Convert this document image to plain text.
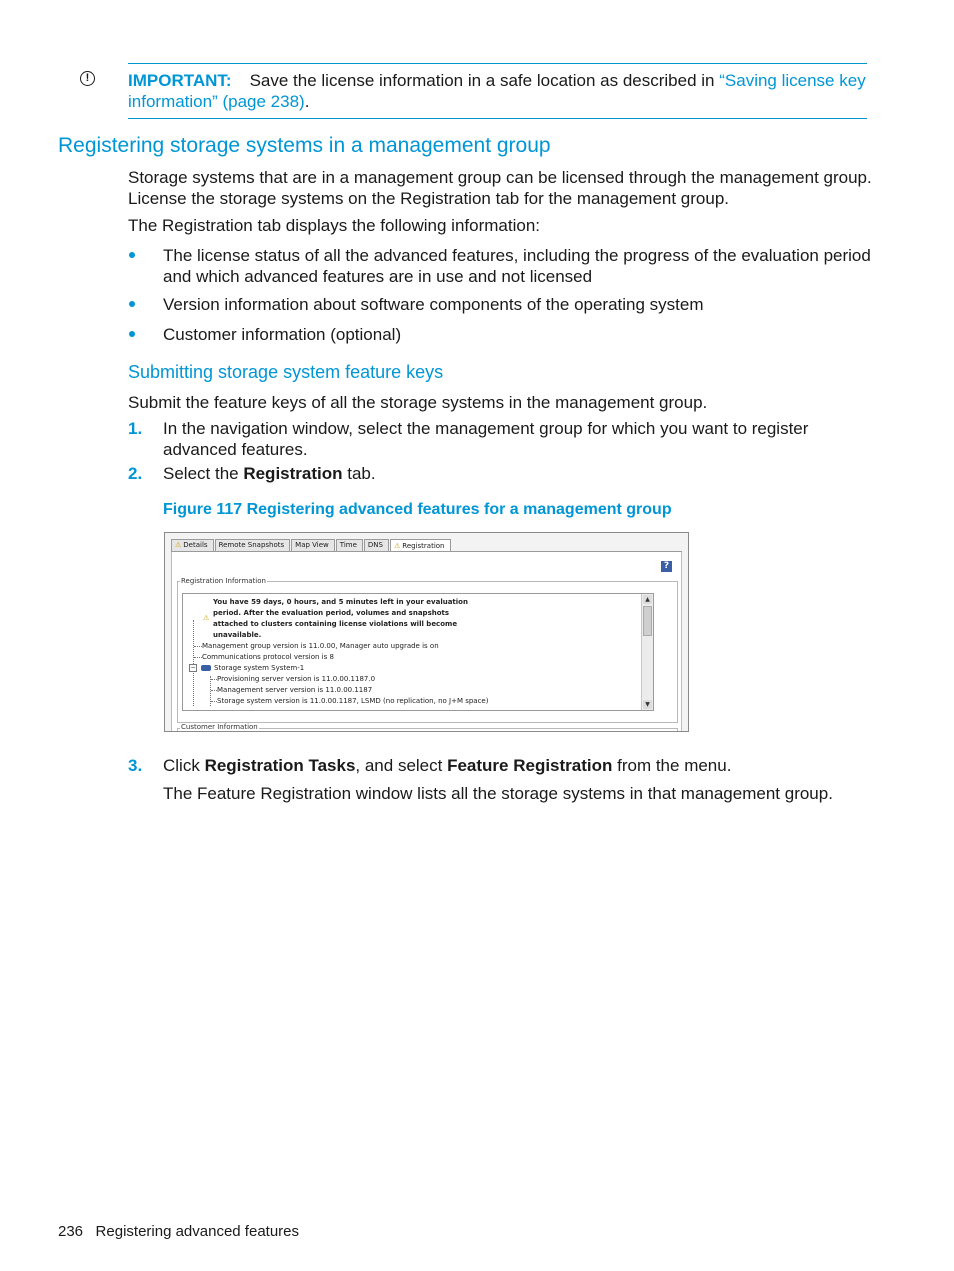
!	IMPORTANT: Save the license information in a safe location as described in “Saving license key information” (page 238).
Registering storage systems in a management group
Storage systems that are in a management group can be licensed through the management group. License the storage systems on the Registration tab for the management group.
The Registration tab displays the following information:
The license status of all the advanced features, including the progress of the evaluation period and which advanced features are in use and not licensed
Version information about software components of the operating system
Customer information (optional)
Submitting storage system feature keys
Submit the feature keys of all the storage systems in the management group.
1. In the navigation window, select the management group for which you want to register advanced features.
2. Select the Registration tab.
Figure 117 Registering advanced features for a management group
⚠ Details Remote Snapshots Map View Time DNS ⚠ Registration
?
Registration Information
⚠
You have 59 days, 0 hours, and 5 minutes left in your evaluation
period. After the evaluation period, volumes and snapshots
attached to clusters containing license violations will become
unavailable.
Management group version is 11.0.00, Manager auto upgrade is on
Communications protocol version is 8
−	Storage system System-1
Provisioning server version is 11.0.00.1187.0
Management server version is 11.0.00.1187
Storage system version is 11.0.00.1187, LSMD (no replication, no J+M space)
▲
▼
Customer Information
3. Click Registration Tasks, and select Feature Registration from the menu.
The Feature Registration window lists all the storage systems in that management group.
236 Registering advanced features
